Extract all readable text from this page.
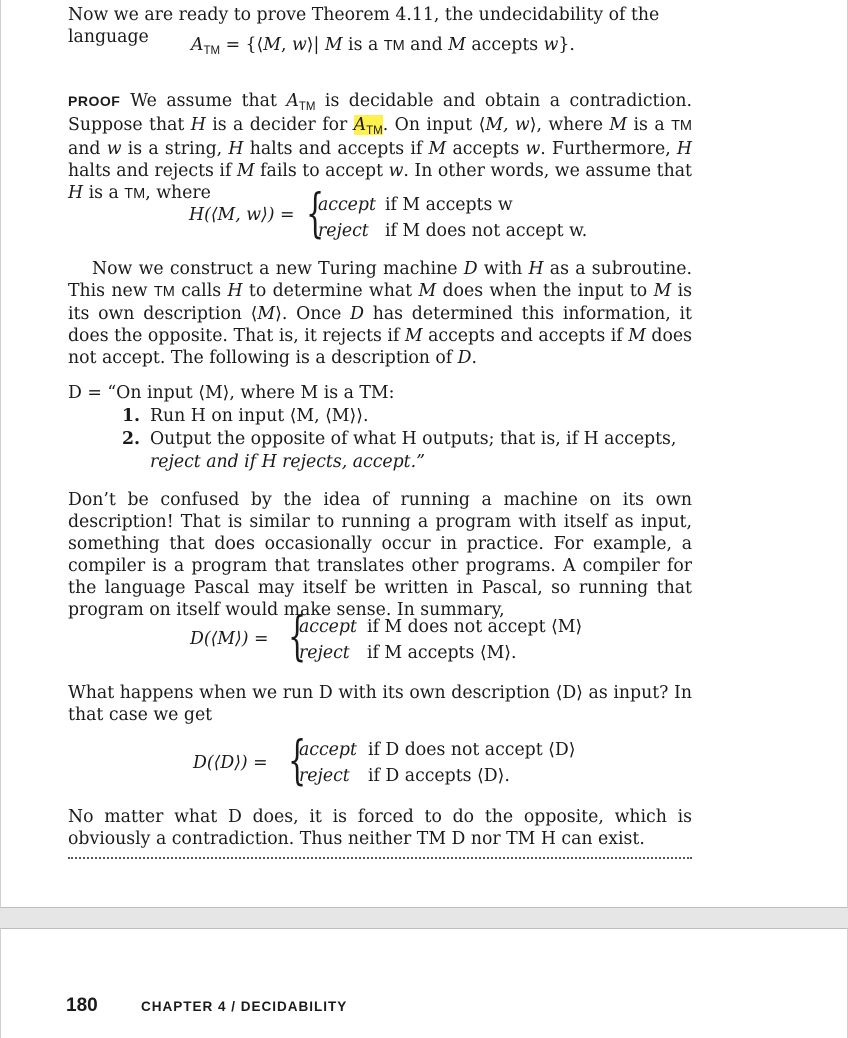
Now we are ready to prove Theorem 4.11, the undecidability of the language	$A_{TM}$ = {⟨M, w⟩| M is a TM and M accepts w}.
PROOF We assume that $A_{TM}$ is decidable and obtain a contradiction. Suppose that H is a decider for $A_{TM}$. On input ⟨M, w⟩, where M is a TM and w is a string, H halts and accepts if M accepts w. Furthermore, H halts and rejects if M fails to accept w. In other words, we assume that H is a TM, where
H(⟨M, w⟩) = {
accept if M accepts w
reject if M does not accept w.
Now we construct a new Turing machine D with H as a subroutine. This new TM calls H to determine what M does when the input to M is its own description ⟨M⟩. Once D has determined this information, it does the opposite. That is, it rejects if M accepts and accepts if M does not accept. The following is a description of D.
D = “On input ⟨M⟩, where M is a TM:
1. Run H on input ⟨M, ⟨M⟩⟩.
2. Output the opposite of what H outputs; that is, if H accepts,
reject and if H rejects, accept.”
Don’t be confused by the idea of running a machine on its own description! That is similar to running a program with itself as input, something that does occasionally occur in practice. For example, a compiler is a program that translates other programs. A compiler for the language Pascal may itself be written in Pascal, so running that program on itself would make sense. In summary,
D(⟨M⟩) = {
accept if M does not accept ⟨M⟩
reject if M accepts ⟨M⟩.
What happens when we run D with its own description ⟨D⟩ as input? In that case we get
D(⟨D⟩) = {
accept if D does not accept ⟨D⟩
reject if D accepts ⟨D⟩.
No matter what D does, it is forced to do the opposite, which is obviously a contradiction. Thus neither TM D nor TM H can exist.
180	CHAPTER 4 / DECIDABILITY
